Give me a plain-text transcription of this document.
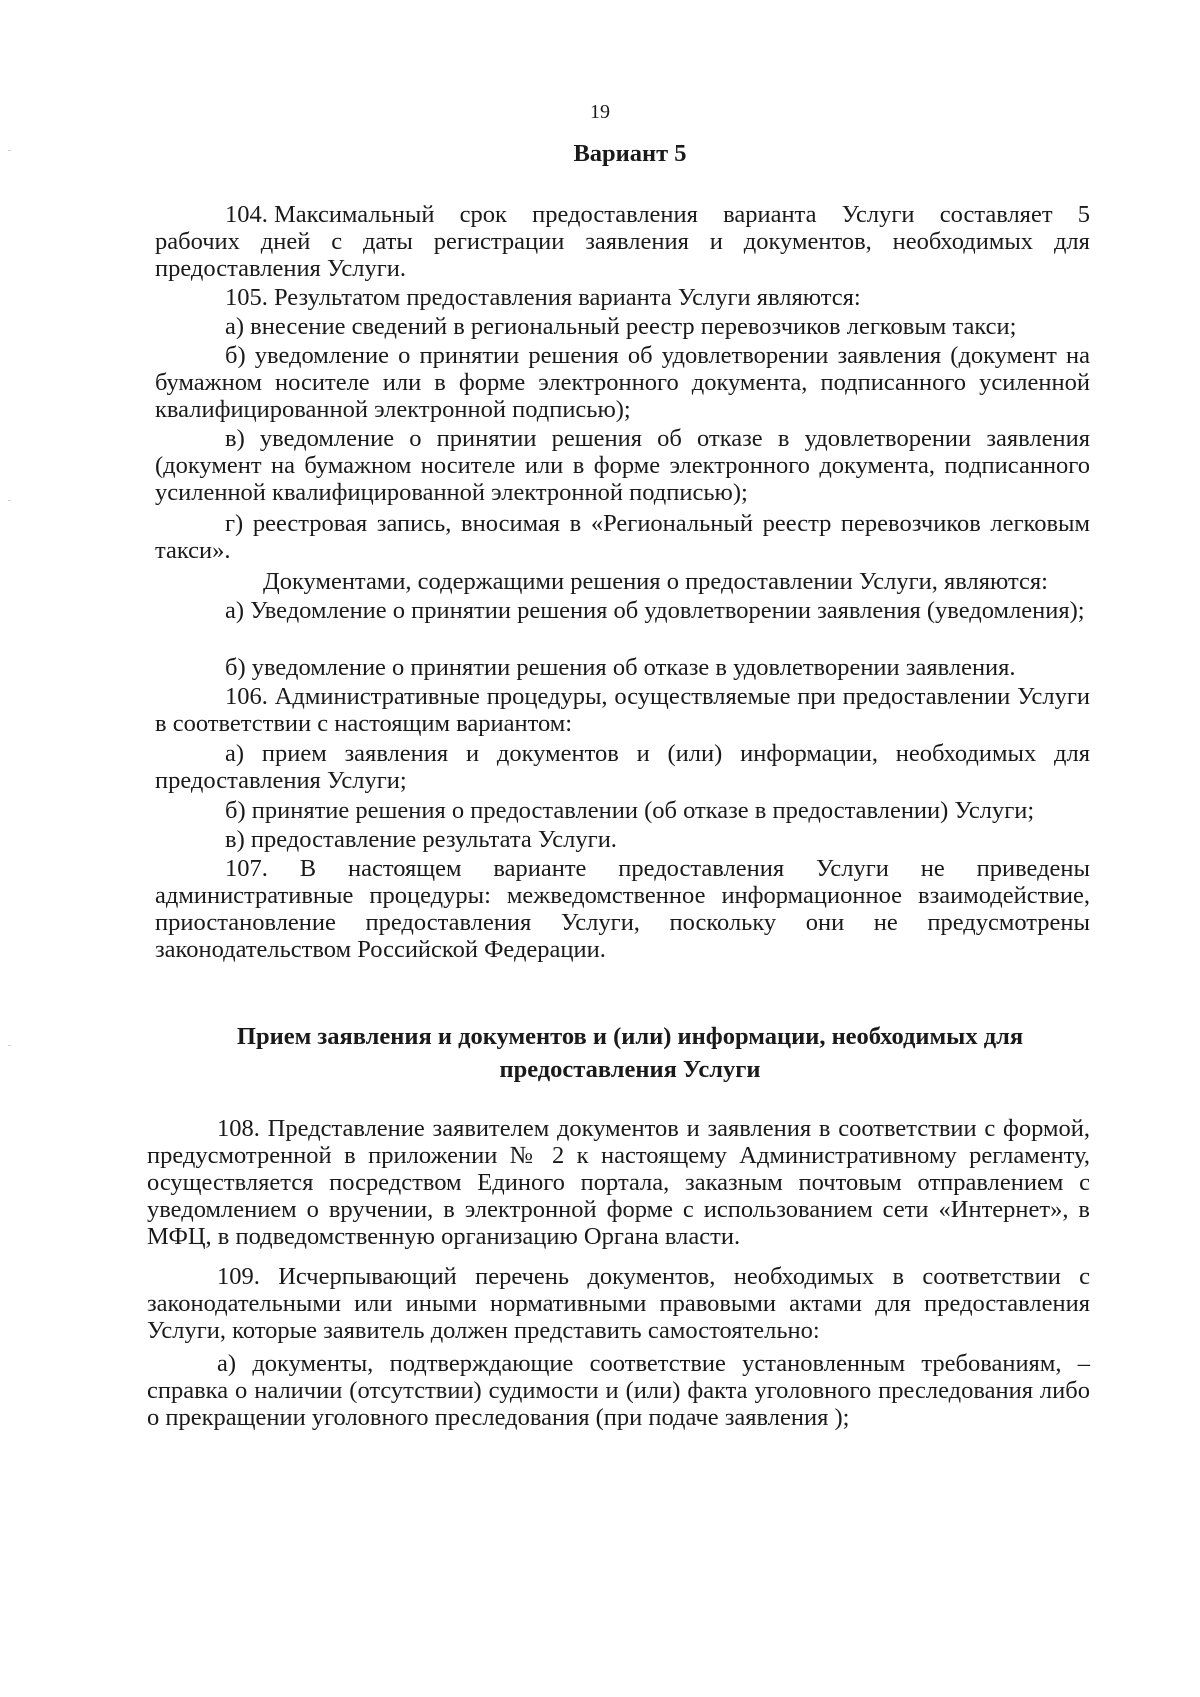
19
Вариант 5
104. Максимальный срок предоставления варианта Услуги составляет 5
рабочих дней с даты регистрации заявления и документов, необходимых для
предоставления Услуги.
105. Результатом предоставления варианта Услуги являются:
а) внесение сведений в региональный реестр перевозчиков легковым такси;

б) уведомление о принятии решения об удовлетворении заявления (документ на бумажном носителе или в форме электронного документа, подписанного усиленной квалифицированной электронной подписью);

в) уведомление о принятии решения об отказе в удовлетворении заявления (документ на бумажном носителе или в форме электронного документа, подписанного усиленной квалифицированной электронной подписью);

г) реестровая запись, вносимая в «Региональный реестр перевозчиков легковым такси».

Документами, содержащими решения о предоставлении Услуги, являются:

а) Уведомление о принятии решения об удовлетворении заявления (уведомления);

б) уведомление о принятии решения об отказе в удовлетворении заявления.

106. Административные процедуры, осуществляемые при предоставлении Услуги в соответствии с настоящим вариантом:

а) прием заявления и документов и (или) информации, необходимых для предоставления Услуги;

б) принятие решения о предоставлении (об отказе в предоставлении) Услуги;
в) предоставление результата Услуги.

107. В настоящем варианте предоставления Услуги не приведены административные процедуры: межведомственное информационное взаимодействие, приостановление предоставления Услуги, поскольку они не предусмотрены законодательством Российской Федерации.

Прием заявления и документов и (или) информации, необходимых для
предоставления Услуги

108. Представление заявителем документов и заявления в соответствии с формой, предусмотренной в приложении № 2 к настоящему Административному регламенту, осуществляется посредством Единого портала, заказным почтовым отправлением с уведомлением о вручении, в электронной форме с использованием сети «Интернет», в МФЦ, в подведомственную организацию Органа власти.

109. Исчерпывающий перечень документов, необходимых в соответствии с законодательными или иными нормативными правовыми актами для предоставления Услуги, которые заявитель должен представить самостоятельно:

а) документы, подтверждающие соответствие установленным требованиям, – справка о наличии (отсутствии) судимости и (или) факта уголовного преследования либо о прекращении уголовного преследования (при подаче заявления );
